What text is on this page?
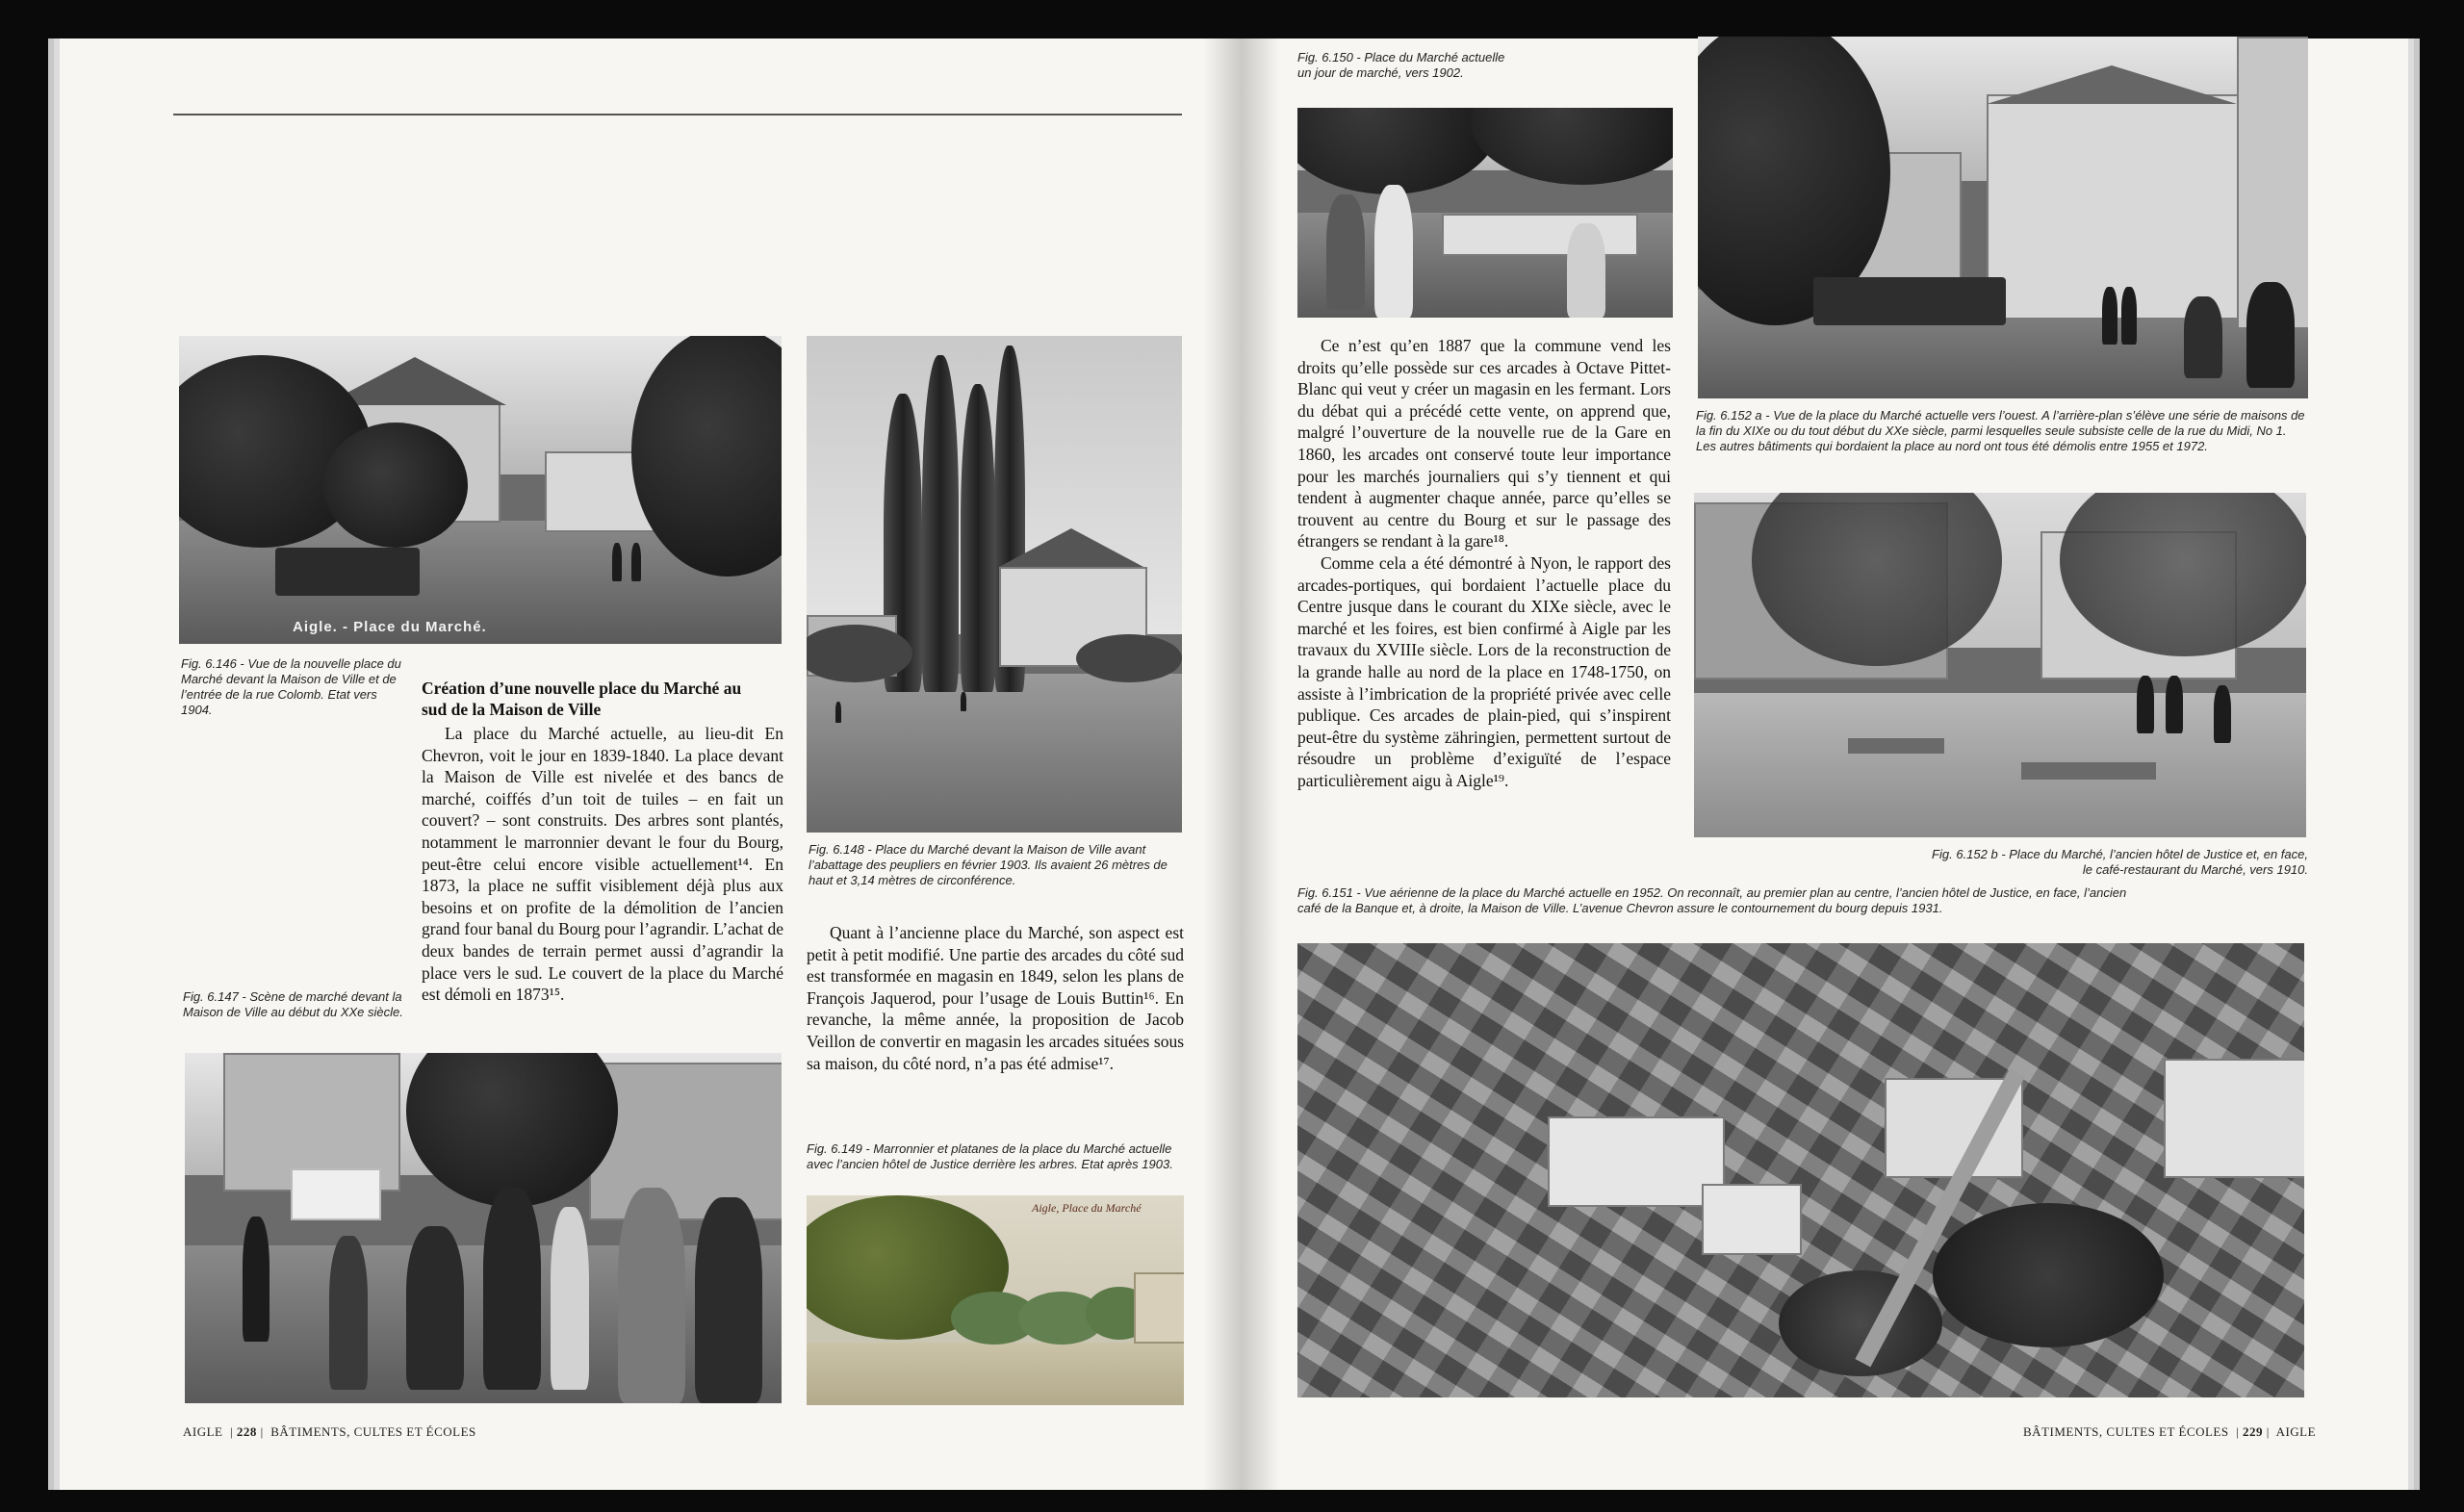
Aigle. - Place du Marché.
Fig. 6.146 - Vue de la nouvelle place du Marché devant la Maison de Ville et de l’entrée de la rue Colomb. Etat vers 1904.
Création d’une nouvelle place du Marché au sud de la Maison de Ville

La place du Marché actuelle, au lieu-dit En Chevron, voit le jour en 1839-1840. La place devant la Maison de Ville est nivelée et des bancs de marché, coiffés d’un toit de tuiles – en fait un couvert? – sont construits. Des arbres sont plantés, notamment le marronnier devant le four du Bourg, peut-être celui encore visible actuellement¹⁴. En 1873, la place ne suffit visiblement déjà plus aux besoins et on profite de la démolition de l’ancien grand four banal du Bourg pour l’agrandir. L’achat de deux bandes de terrain permet aussi d’agrandir la place vers le sud. Le couvert de la place du Marché est démoli en 1873¹⁵.

Fig. 6.147 - Scène de marché devant la Maison de Ville au début du XXe siècle.
Fig. 6.148 - Place du Marché devant la Maison de Ville avant l’abattage des peupliers en février 1903. Ils avaient 26 mètres de haut et 3,14 mètres de circonférence.

Quant à l’ancienne place du Marché, son aspect est petit à petit modifié. Une partie des arcades du côté sud est transformée en magasin en 1849, selon les plans de François Jaquerod, pour l’usage de Louis Buttin¹⁶. En revanche, la même année, la proposition de Jacob Veillon de convertir en magasin les arcades situées sous sa maison, du côté nord, n’a pas été admise¹⁷.

Fig. 6.149 - Marronnier et platanes de la place du Marché actuelle avec l’ancien hôtel de Justice derrière les arbres. Etat après 1903.
Aigle, Place du Marché
AIGLE  | 228 |  BÂTIMENTS, CULTES ET ÉCOLES
Fig. 6.150 - Place du Marché actuelle un jour de marché, vers 1902.

Ce n’est qu’en 1887 que la commune vend les droits qu’elle possède sur ces arcades à Octave Pittet-Blanc qui veut y créer un magasin en les fermant. Lors du débat qui a précédé cette vente, on apprend que, malgré l’ouverture de la nouvelle rue de la Gare en 1860, les arcades ont conservé toute leur importance pour les marchés journaliers qui s’y tiennent et qui tendent à augmenter chaque année, parce qu’elles se trouvent au centre du Bourg et sur le passage des étrangers se rendant à la gare¹⁸.

Comme cela a été démontré à Nyon, le rapport des arcades-portiques, qui bordaient l’actuelle place du Centre jusque dans le courant du XIXe siècle, avec le marché et les foires, est bien confirmé à Aigle par les travaux du XVIIIe siècle. Lors de la reconstruction de la grande halle au nord de la place en 1748-1750, on assiste à l’imbrication de la propriété privée avec celle publique. Ces arcades de plain-pied, qui s’inspirent peut-être du système zähringien, permettent surtout de résoudre un problème d’exiguïté de l’espace particulièrement aigu à Aigle¹⁹.

Fig. 6.152 a - Vue de la place du Marché actuelle vers l’ouest. A l’arrière-plan s’élève une série de maisons de la fin du XIXe ou du tout début du XXe siècle, parmi lesquelles seule subsiste celle de la rue du Midi, No 1. Les autres bâtiments qui bordaient la place au nord ont tous été démolis entre 1955 et 1972.
Fig. 6.152 b - Place du Marché, l’ancien hôtel de Justice et, en face, le café-restaurant du Marché, vers 1910.
Fig. 6.151 - Vue aérienne de la place du Marché actuelle en 1952. On reconnaît, au premier plan au centre, l’ancien hôtel de Justice, en face, l’ancien café de la Banque et, à droite, la Maison de Ville. L’avenue Chevron assure le contournement du bourg depuis 1931.
BÂTIMENTS, CULTES ET ÉCOLES  | 229 |  AIGLE
